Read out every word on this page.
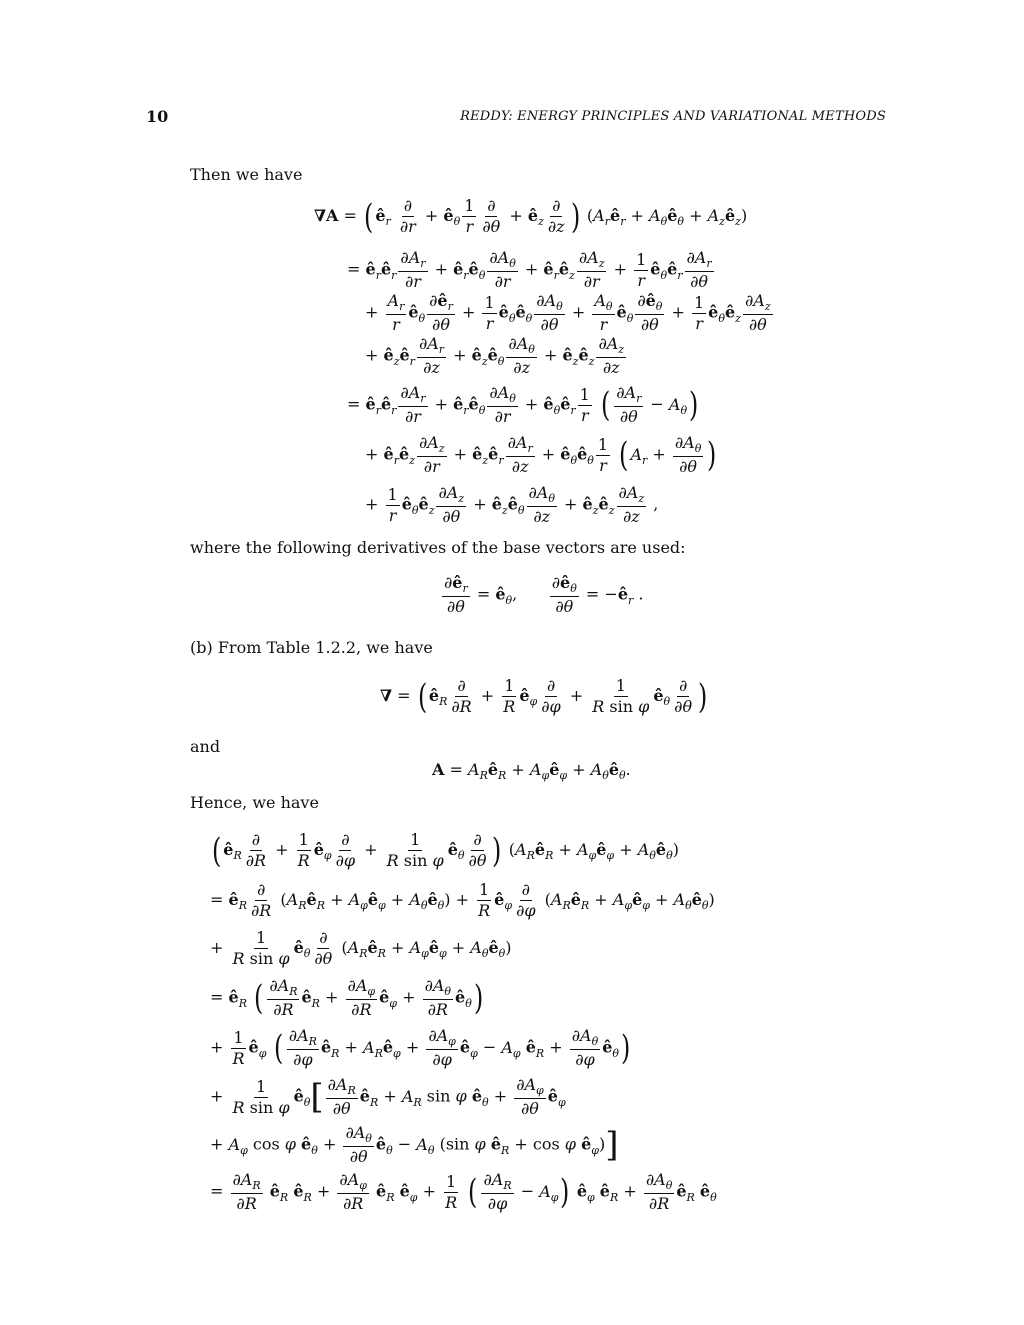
10	REDDY: ENERGY PRINCIPLES AND VARIATIONAL METHODS
Then we have
∇A = ( $ê_r \frac{\partial}{\partial r}$ + $ê_\theta \frac{1}{r} \frac{\partial}{\partial\theta}$ + $ê_z \frac{\partial}{\partial z}$ ) ($A_rê_r$ + $A_\theta ê_\theta$ + $A_zê_z$)
= $ê_rê_r \frac{\partial A_r}{\partial r}$ + $ê_rê_\theta \frac{\partial A_\theta}{\partial r}$ + $ê_rê_z \frac{\partial A_z}{\partial r} + \frac{1}{r}$ $ê_\theta ê_r \frac{\partial A_r}{\partial\theta}$
+ $\frac{A_r}{r}$ $ê_\theta \frac{\partial ê_r}{\partial\theta} + \frac{1}{r}$ $ê_\theta ê_\theta \frac{\partial A_\theta}{\partial\theta} + \frac{A_\theta}{r}$ $ê_\theta \frac{\partial ê_\theta}{\partial\theta} + \frac{1}{r}$ $ê_\theta ê_z \frac{\partial A_z}{\partial\theta}$
+ $ê_zê_r \frac{\partial A_r}{\partial z}$ + $ê_zê_\theta \frac{\partial A_\theta}{\partial z}$ + $ê_zê_z \frac{\partial A_z}{\partial z}$
= $ê_rê_r \frac{\partial A_r}{\partial r}$ + $ê_rê_\theta \frac{\partial A_\theta}{\partial r}$ + $ê_\theta ê_r \frac{1}{r}$ ( $\frac{\partial A_r}{\partial\theta} - A_\theta$)
+ $ê_rê_z \frac{\partial A_z}{\partial r}$ + $ê_zê_r \frac{\partial A_r}{\partial z}$ + $ê_\theta ê_\theta \frac{1}{r}$ ( $A_r + \frac{\partial A_\theta}{\partial\theta}$ )
+ $\frac{1}{r}$ $ê_\theta ê_z \frac{\partial A_z}{\partial\theta}$ + $ê_zê_\theta \frac{\partial A_\theta}{\partial z}$ + $ê_zê_z \frac{\partial A_z}{\partial z}$ ,
where the following derivatives of the base vectors are used:
$\frac{\partial ê_r}{\partial\theta}$ = $ê_\theta$, $\frac{\partial ê_\theta}{\partial\theta}$ = $-ê_r$ .
(b) From Table 1.2.2, we have
∇ = ( $ê_R \frac{\partial}{\partial R} + \frac{1}{R}$ $ê_\varphi \frac{\partial}{\partial\varphi} + \frac{1}{\text{R sin φ}}$ $ê_\theta \frac{\partial}{\partial\theta}$ )
and
$A = A_Rê_R$ + $A_\varphi ê_\varphi$ + $A_\theta ê_\theta$.
Hence, we have
( $ê_R \frac{\partial}{\partial R} + \frac{1}{R}$ $ê_\varphi \frac{\partial}{\partial\varphi} + \frac{1}{\text{R sin φ}}$ $ê_\theta \frac{\partial}{\partial\theta}$ ) ($A_Rê_R$ + $A_\varphi ê_\varphi$ + $A_\theta ê_\theta$)
= $ê_R \frac{\partial}{\partial R}$ ($A_Rê_R$ + $A_\varphi ê_\varphi$ + $A_\theta ê_\theta) + \frac{1}{R}$ $ê_\varphi \frac{\partial}{\partial\varphi}$ ($A_Rê_R$ + $A_\varphi ê_\varphi$ + $A_\theta ê_\theta$)
+ $\frac{1}{\text{R sin φ}}$ $ê_\theta \frac{\partial}{\partial\theta}$ ($A_Rê_R$ + $A_\varphi ê_\varphi$ + $A_\theta ê_\theta$)
= $ê_R$ ( $\frac{\partial A_R}{\partial R}$ $ê_R + \frac{\partial A_\varphi}{\partial R}$ $ê_\varphi + \frac{\partial A_\theta}{\partial R}$ $ê_\theta$)
+ $\frac{1}{R}$ $ê_\varphi$ ( $\frac{\partial A_R}{\partial\varphi}$ $ê_R$ + $A_Rê_\varphi + \frac{\partial A_\varphi}{\partial\varphi}$ $ê_\varphi - A_\varphi$ $ê_R + \frac{\partial A_\theta}{\partial\varphi}$ $ê_\theta$)
+ $\frac{1}{\text{R sin φ}}$ $ê_\theta[ \frac{\partial A_R}{\partial\theta}$ $ê_R + A_R$ sin φ $ê_\theta + \frac{\partial A_\varphi}{\partial\theta}$ $ê_\varphi$
+ $A_\varphi$ cos φ $ê_\theta + \frac{\partial A_\theta}{\partial\theta}$ $ê_\theta - A_\theta$ (sin φ $ê_R + \cos \varphi$ $ê_\varphi$)]
= $\frac{\partial A_R}{\partial R}$ $ê_R$ $ê_R + \frac{\partial A_\varphi}{\partial R}$ $ê_R$ $ê_\varphi + \frac{1}{R}$ ( $\frac{\partial A_R}{\partial\varphi} - A_\varphi$) $ê_\varphi$ $ê_R + \frac{\partial A_\theta}{\partial R}$ $ê_R$ $ê_\theta$
